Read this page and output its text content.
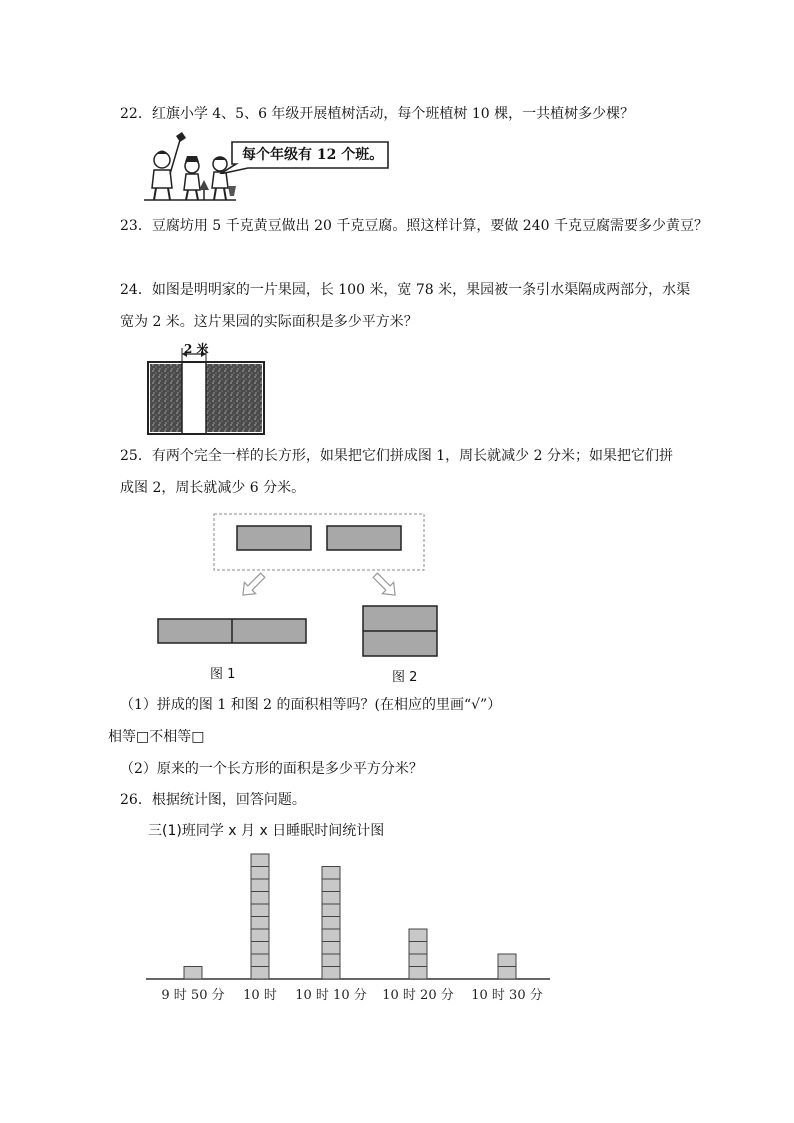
22．红旗小学 4、5、6 年级开展植树活动，每个班植树 10 棵，一共植树多少棵？
每个年级有 12 个班。
23．豆腐坊用 5 千克黄豆做出 20 千克豆腐。照这样计算，要做 240 千克豆腐需要多少黄豆？
24．如图是明明家的一片果园，长 100 米，宽 78 米，果园被一条引水渠隔成两部分，水渠
宽为 2 米。这片果园的实际面积是多少平方米？
2 米
25．有两个完全一样的长方形，如果把它们拼成图 1，周长就减少 2 分米；如果把它们拼
成图 2，周长就减少 6 分米。
图 1	图 2
（1）拼成的图 1 和图 2 的面积相等吗？(在相应的里画“√”）
相等□不相等□
（2）原来的一个长方形的面积是多少平方分米？
26．根据统计图，回答问题。
三(1)班同学 x 月 x 日睡眠时间统计图
9 时 50 分 10 时 10 时 10 分 10 时 20 分 10 时 30 分
